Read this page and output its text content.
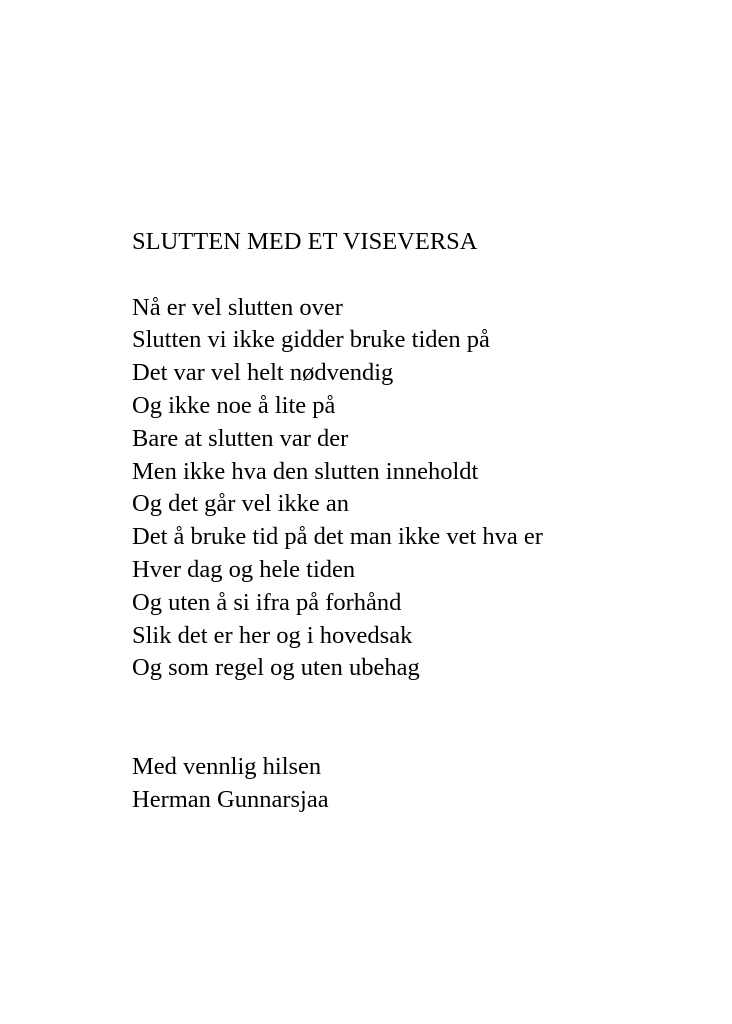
SLUTTEN MED ET VISEVERSA
Nå er vel slutten over
Slutten vi ikke gidder bruke tiden på
Det var vel helt nødvendig
Og ikke noe å lite på
Bare at slutten var der
Men ikke hva den slutten inneholdt
Og det går vel ikke an
Det å bruke tid på det man ikke vet hva er
Hver dag og hele tiden
Og uten å si ifra på forhånd
Slik det er her og i hovedsak
Og som regel og uten ubehag
Med vennlig hilsen
Herman Gunnarsjaa
